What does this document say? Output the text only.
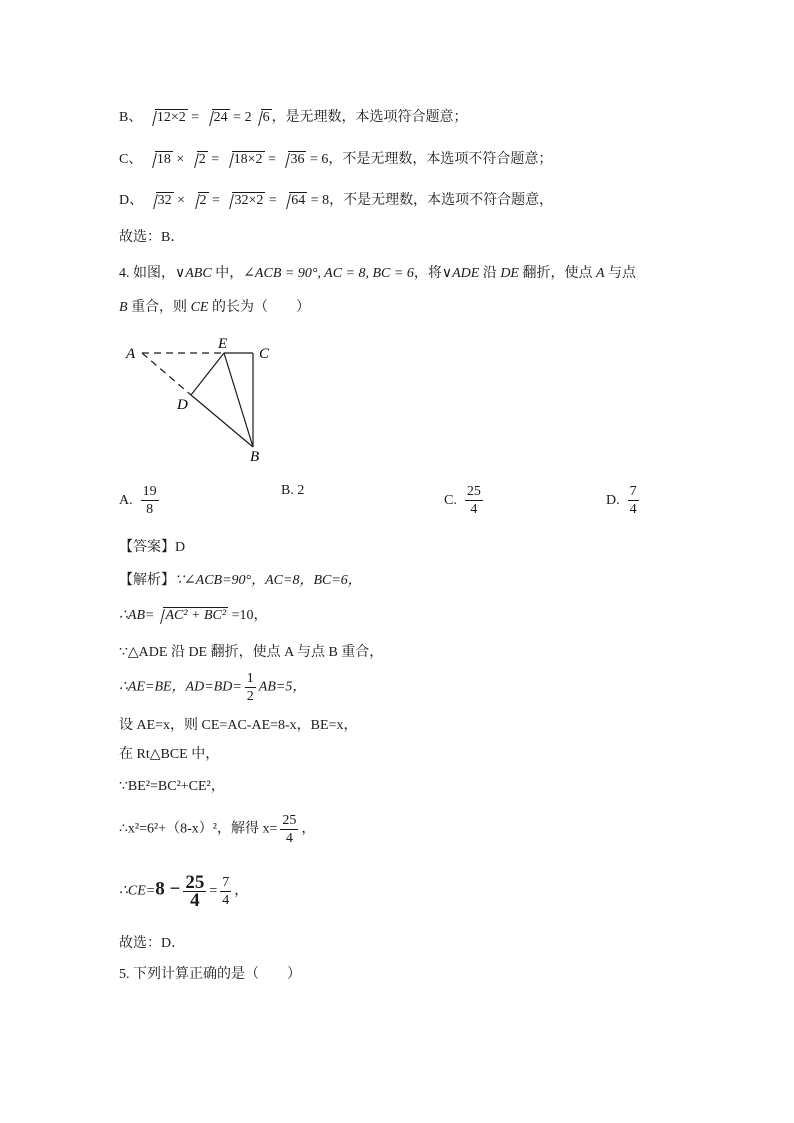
B、 12×2 = 24 = 2 6 ，是无理数，本选项符合题意；
C、 18 × 2 = 18×2 = 36 = 6，不是无理数，本选项不符合题意；
D、 32 × 2 = 32×2 = 64 = 8，不是无理数，本选项不符合题意，
故选：B．
4. 如图，∨ABC 中，∠ACB = 90°, AC = 8, BC = 6，将∨ADE 沿 DE 翻折，使点 A 与点
B 重合，则 CE 的长为（　　）
A
E
C
D
B
A. $\frac{19}{8}$	B. 2
C. $\frac{25}{4}$	D. $\frac{7}{4}$
【答案】D
【解析】∵∠ACB=90°，AC=8，BC=6，
∴AB= AC² + BC² =10，
∵△ADE 沿 DE 翻折，使点 A 与点 B 重合，
∴AE=BE，$AD=BD= \frac{1}{2} AB=5$，
设 AE=x，则 CE=AC-AE=8-x，BE=x，
在 Rt△BCE 中，
∵BE²=BC²+CE²，
∴x²=6²+（8-x）²，解得 $x= \frac{25}{4}$ ，
∴CE=8 − $\frac{25}{4} = \frac{7}{4}$ ，
故选：D．
5. 下列计算正确的是（　　）
